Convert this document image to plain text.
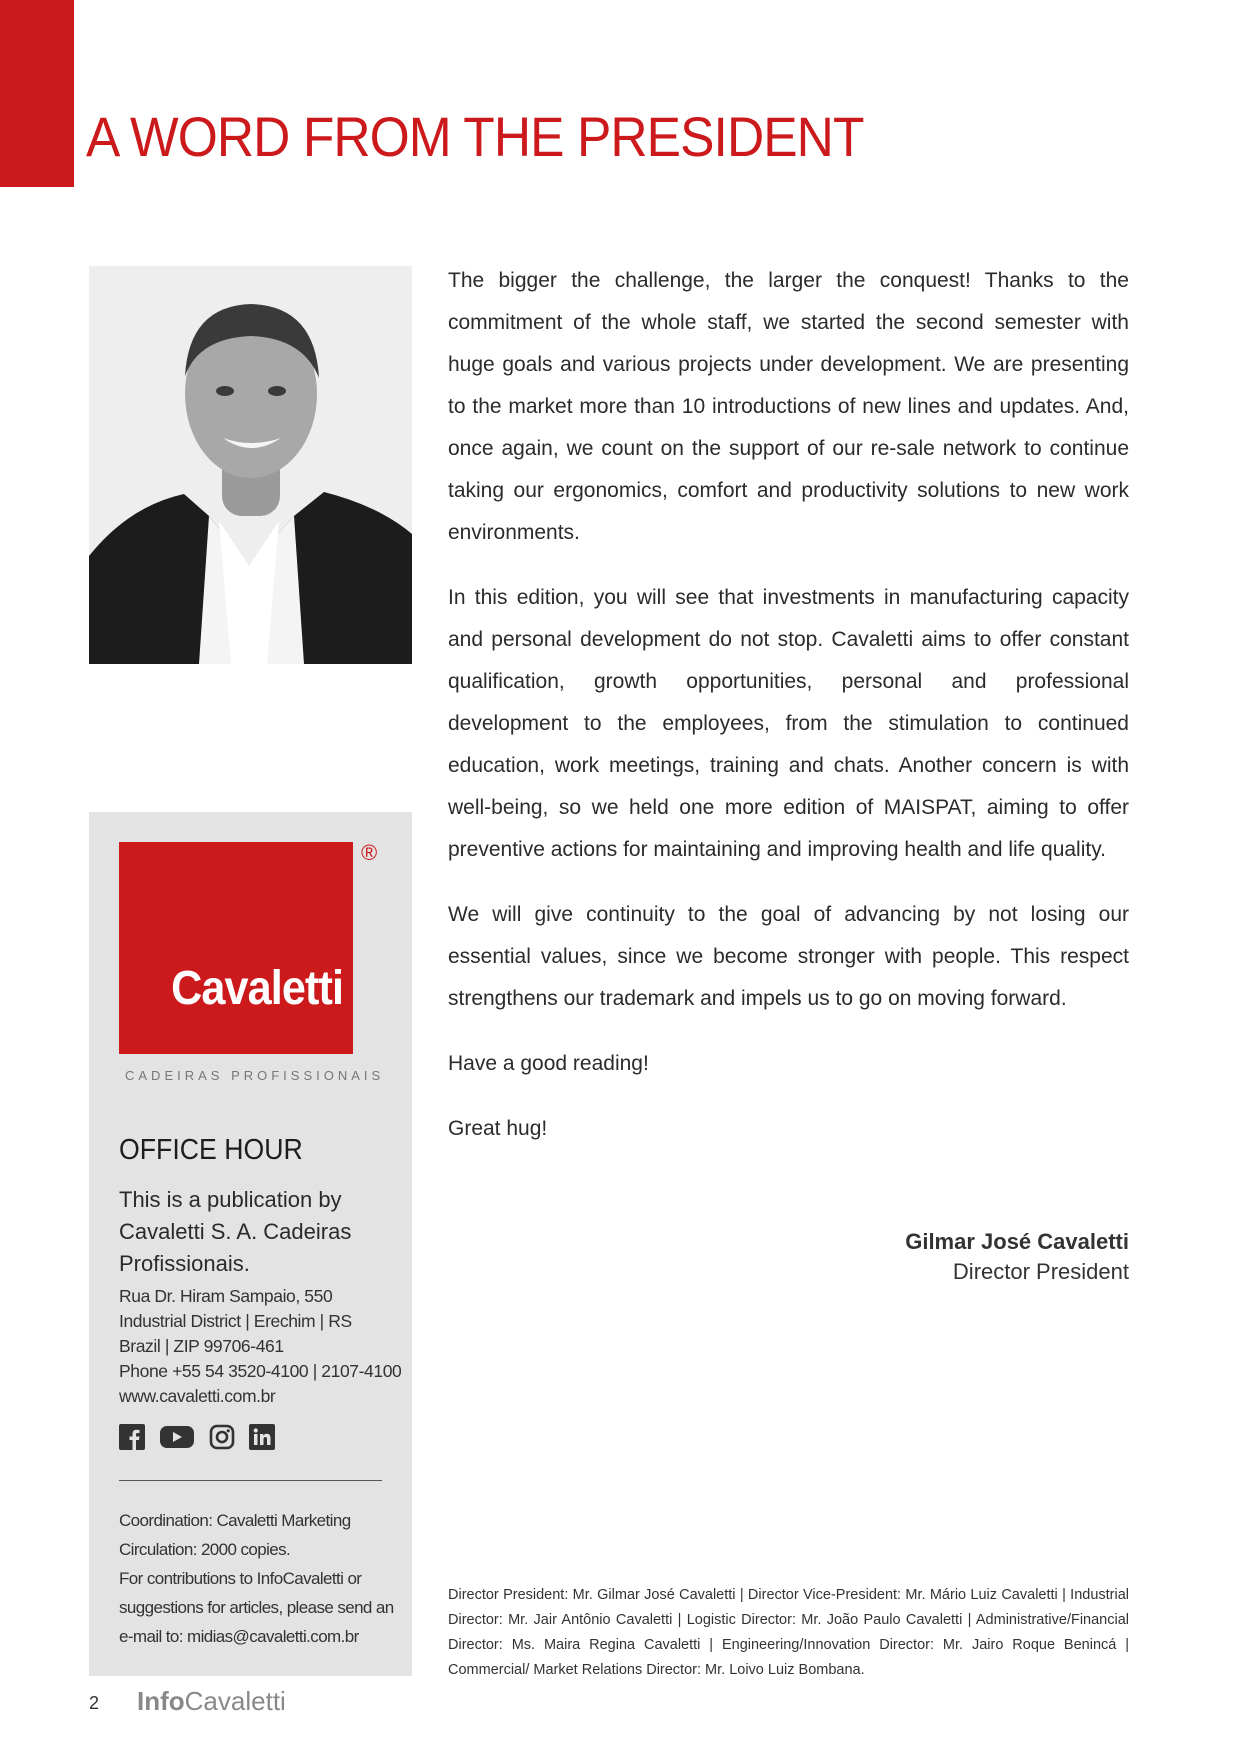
A WORD FROM THE PRESIDENT

The bigger the challenge, the larger the conquest! Thanks to the commitment of the whole staff, we started the second semester with huge goals and various projects under development. We are presenting to the market more than 10 introductions of new lines and updates. And, once again, we count on the support of our re-sale network to continue taking our ergonomics, comfort and productivity solutions to new work environments.

In this edition, you will see that investments in manufacturing capacity and personal development do not stop. Cavaletti aims to offer constant qualification, growth opportunities, personal and professional development to the employees, from the stimulation to continued education, work meetings, training and chats. Another concern is with well-being, so we held one more edition of MAISPAT, aiming to offer preventive actions for maintaining and improving health and life quality.

We will give continuity to the goal of advancing by not losing our essential values, since we become stronger with people. This respect strengthens our trademark and impels us to go on moving forward.

Have a good reading!

Great hug!

Gilmar José Cavaletti
Director President
Director President: Mr. Gilmar José Cavaletti | Director Vice-President: Mr. Mário Luiz Cavaletti | Industrial Director: Mr. Jair Antônio Cavaletti | Logistic Director: Mr. João Paulo Cavaletti | Administrative/Financial Director: Ms. Maira Regina Cavaletti | Engineering/Innovation Director: Mr. Jairo Roque Benincá | Commercial/ Market Relations Director: Mr. Loivo Luiz Bombana.
Cavaletti
®
CADEIRAS PROFISSIONAIS
OFFICE HOUR
This is a publication by Cavaletti S. A. Cadeiras Profissionais.
Rua Dr. Hiram Sampaio, 550
Industrial District | Erechim | RS
Brazil | ZIP 99706-461
Phone +55 54 3520-4100 | 2107-4100
www.cavaletti.com.br
Coordination: Cavaletti Marketing
Circulation: 2000 copies.
For contributions to InfoCavaletti or suggestions for articles, please send an e-mail to: midias@cavaletti.com.br
2 InfoCavaletti
